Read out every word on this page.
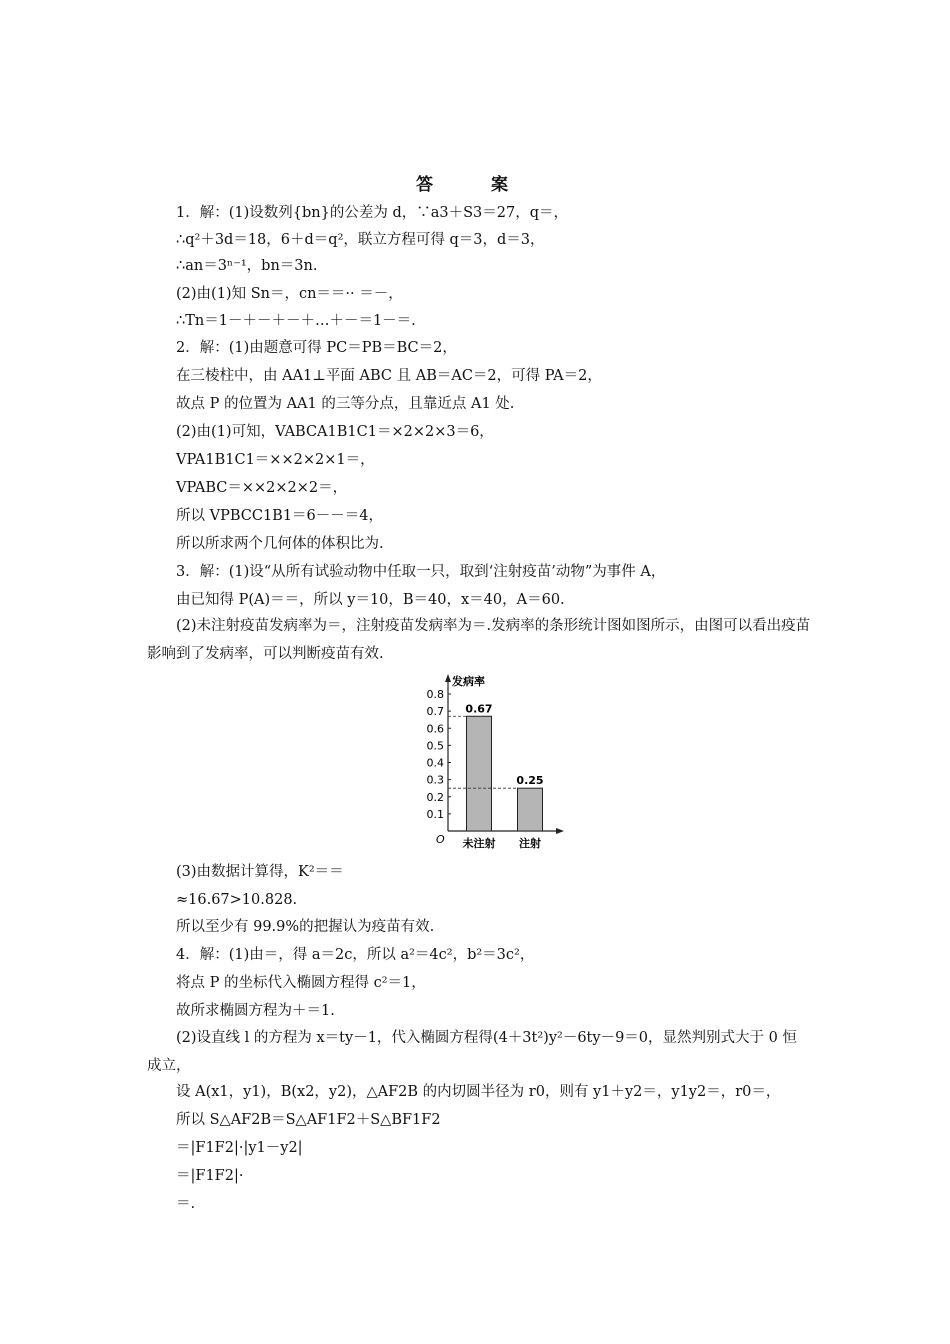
答 案
1．解：(1)设数列{bn}的公差为 d，∵a3＋S3＝27，q＝，
∴q²＋3d＝18，6＋d＝q²，联立方程可得 q＝3，d＝3，
∴an＝3ⁿ⁻¹，bn＝3n.
(2)由(1)知 Sn＝，cn＝＝·· ＝－，
∴Tn＝1－＋－＋－＋…＋－＝1－＝.
2．解：(1)由题意可得 PC＝PB＝BC＝2，
在三棱柱中，由 AA1⊥平面 ABC 且 AB＝AC＝2，可得 PA＝2，
故点 P 的位置为 AA1 的三等分点，且靠近点 A1 处.
(2)由(1)可知，VABCA1B1C1＝×2×2×3＝6，
VPA1B1C1＝××2×2×1＝，
VPABC＝××2×2×2＝，
所以 VPBCC1B1＝6－－＝4，
所以所求两个几何体的体积比为.
3．解：(1)设“从所有试验动物中任取一只，取到‘注射疫苗’动物”为事件 A，
由已知得 P(A)＝＝，所以 y＝10，B＝40，x＝40，A＝60.
(2)未注射疫苗发病率为＝，注射疫苗发病率为＝.发病率的条形统计图如图所示，由图可以看出疫苗影响到了发病率，可以判断疫苗有效.
发病率
O
0.1
0.2
0.3
0.4
0.5
0.6
0.7
0.8
0.67
未注射
0.25
注射
(3)由数据计算得，K²＝＝
≈16.67>10.828.
所以至少有 99.9%的把握认为疫苗有效.
4．解：(1)由＝，得 a＝2c，所以 a²＝4c²，b²＝3c²，
将点 P 的坐标代入椭圆方程得 c²＝1，
故所求椭圆方程为＋＝1.
(2)设直线 l 的方程为 x＝ty－1，代入椭圆方程得(4＋3t²)y²－6ty－9＝0，显然判别式大于 0 恒成立，
设 A(x1，y1)，B(x2，y2)，△AF2B 的内切圆半径为 r0，则有 y1＋y2＝，y1y2＝，r0＝，
所以 S△AF2B＝S△AF1F2＋S△BF1F2
＝|F1F2|·|y1－y2|
＝|F1F2|·
＝.
